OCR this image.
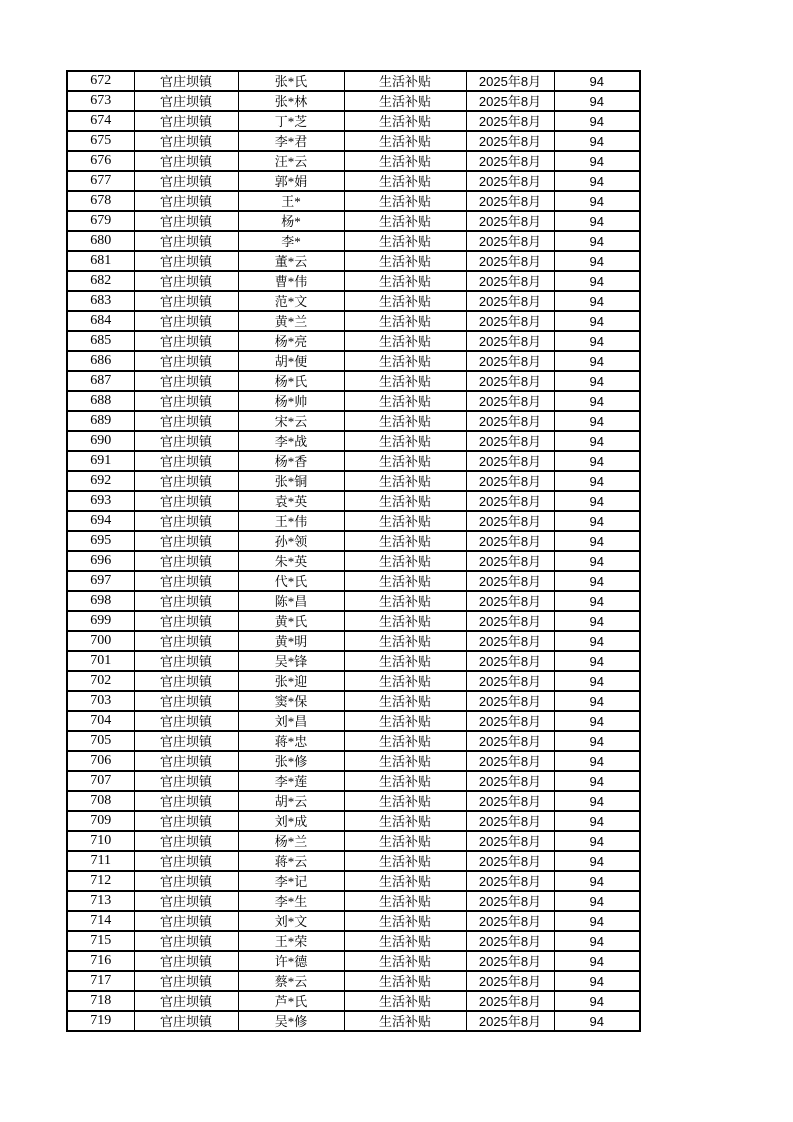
672	官庄坝镇	张*氏	生活补贴	2025年8月	94
673	官庄坝镇	张*林	生活补贴	2025年8月	94
674	官庄坝镇	丁*芝	生活补贴	2025年8月	94
675	官庄坝镇	李*君	生活补贴	2025年8月	94
676	官庄坝镇	汪*云	生活补贴	2025年8月	94
677	官庄坝镇	郭*娟	生活补贴	2025年8月	94
678	官庄坝镇	王*	生活补贴	2025年8月	94
679	官庄坝镇	杨*	生活补贴	2025年8月	94
680	官庄坝镇	李*	生活补贴	2025年8月	94
681	官庄坝镇	董*云	生活补贴	2025年8月	94
682	官庄坝镇	曹*伟	生活补贴	2025年8月	94
683	官庄坝镇	范*文	生活补贴	2025年8月	94
684	官庄坝镇	黄*兰	生活补贴	2025年8月	94
685	官庄坝镇	杨*亮	生活补贴	2025年8月	94
686	官庄坝镇	胡*便	生活补贴	2025年8月	94
687	官庄坝镇	杨*氏	生活补贴	2025年8月	94
688	官庄坝镇	杨*帅	生活补贴	2025年8月	94
689	官庄坝镇	宋*云	生活补贴	2025年8月	94
690	官庄坝镇	李*战	生活补贴	2025年8月	94
691	官庄坝镇	杨*香	生活补贴	2025年8月	94
692	官庄坝镇	张*铜	生活补贴	2025年8月	94
693	官庄坝镇	袁*英	生活补贴	2025年8月	94
694	官庄坝镇	王*伟	生活补贴	2025年8月	94
695	官庄坝镇	孙*领	生活补贴	2025年8月	94
696	官庄坝镇	朱*英	生活补贴	2025年8月	94
697	官庄坝镇	代*氏	生活补贴	2025年8月	94
698	官庄坝镇	陈*昌	生活补贴	2025年8月	94
699	官庄坝镇	黄*氏	生活补贴	2025年8月	94
700	官庄坝镇	黄*明	生活补贴	2025年8月	94
701	官庄坝镇	吴*锋	生活补贴	2025年8月	94
702	官庄坝镇	张*迎	生活补贴	2025年8月	94
703	官庄坝镇	窦*保	生活补贴	2025年8月	94
704	官庄坝镇	刘*昌	生活补贴	2025年8月	94
705	官庄坝镇	蒋*忠	生活补贴	2025年8月	94
706	官庄坝镇	张*修	生活补贴	2025年8月	94
707	官庄坝镇	李*莲	生活补贴	2025年8月	94
708	官庄坝镇	胡*云	生活补贴	2025年8月	94
709	官庄坝镇	刘*成	生活补贴	2025年8月	94
710	官庄坝镇	杨*兰	生活补贴	2025年8月	94
711	官庄坝镇	蒋*云	生活补贴	2025年8月	94
712	官庄坝镇	李*记	生活补贴	2025年8月	94
713	官庄坝镇	李*生	生活补贴	2025年8月	94
714	官庄坝镇	刘*文	生活补贴	2025年8月	94
715	官庄坝镇	王*荣	生活补贴	2025年8月	94
716	官庄坝镇	许*德	生活补贴	2025年8月	94
717	官庄坝镇	蔡*云	生活补贴	2025年8月	94
718	官庄坝镇	芦*氏	生活补贴	2025年8月	94
719	官庄坝镇	吴*修	生活补贴	2025年8月	94
